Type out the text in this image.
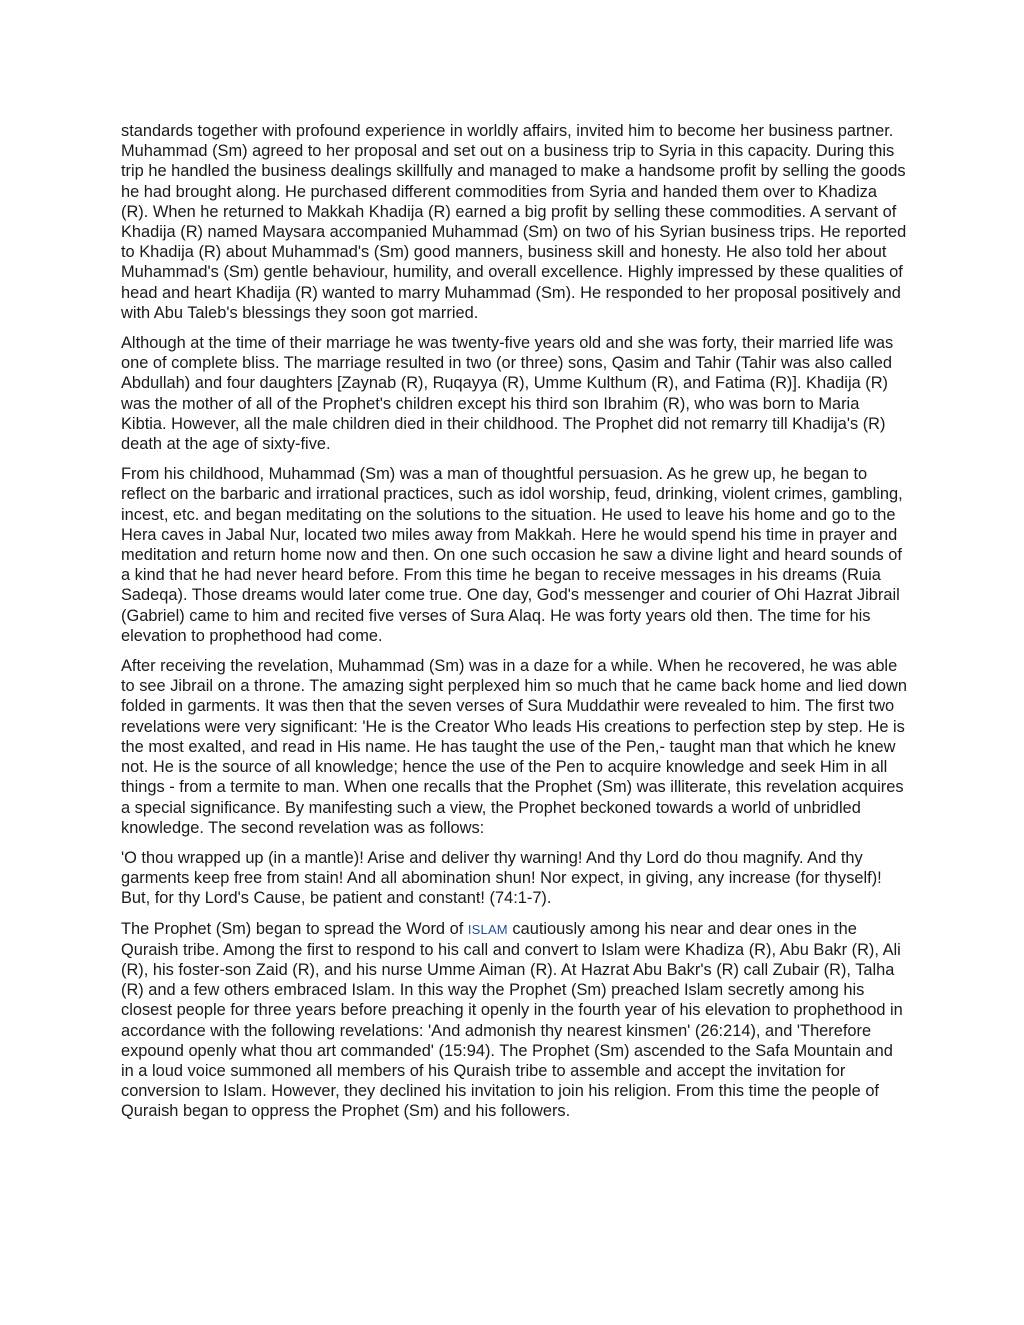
standards together with profound experience in worldly affairs, invited him to become her business partner. Muhammad (Sm) agreed to her proposal and set out on a business trip to Syria in this capacity. During this trip he handled the business dealings skillfully and managed to make a handsome profit by selling the goods he had brought along. He purchased different commodities from Syria and handed them over to Khadiza (R). When he returned to Makkah Khadija (R) earned a big profit by selling these commodities. A servant of Khadija (R) named Maysara accompanied Muhammad (Sm) on two of his Syrian business trips. He reported to Khadija (R) about Muhammad's (Sm) good manners, business skill and honesty. He also told her about Muhammad's (Sm) gentle behaviour, humility, and overall excellence. Highly impressed by these qualities of head and heart Khadija (R) wanted to marry Muhammad (Sm). He responded to her proposal positively and with Abu Taleb's blessings they soon got married.

Although at the time of their marriage he was twenty-five years old and she was forty, their married life was one of complete bliss. The marriage resulted in two (or three) sons, Qasim and Tahir (Tahir was also called Abdullah) and four daughters [Zaynab (R), Ruqayya (R), Umme Kulthum (R), and Fatima (R)]. Khadija (R) was the mother of all of the Prophet's children except his third son Ibrahim (R), who was born to Maria Kibtia. However, all the male children died in their childhood. The Prophet did not remarry till Khadija's (R) death at the age of sixty-five.

From his childhood, Muhammad (Sm) was a man of thoughtful persuasion. As he grew up, he began to reflect on the barbaric and irrational practices, such as idol worship, feud, drinking, violent crimes, gambling, incest, etc. and began meditating on the solutions to the situation. He used to leave his home and go to the Hera caves in Jabal Nur, located two miles away from Makkah. Here he would spend his time in prayer and meditation and return home now and then. On one such occasion he saw a divine light and heard sounds of a kind that he had never heard before. From this time he began to receive messages in his dreams (Ruia Sadeqa). Those dreams would later come true. One day, God's messenger and courier of Ohi Hazrat Jibrail (Gabriel) came to him and recited five verses of Sura Alaq. He was forty years old then. The time for his elevation to prophethood had come.

After receiving the revelation, Muhammad (Sm) was in a daze for a while. When he recovered, he was able to see Jibrail on a throne. The amazing sight perplexed him so much that he came back home and lied down folded in garments. It was then that the seven verses of Sura Muddathir were revealed to him. The first two revelations were very significant: 'He is the Creator Who leads His creations to perfection step by step. He is the most exalted, and read in His name. He has taught the use of the Pen,- taught man that which he knew not. He is the source of all knowledge; hence the use of the Pen to acquire knowledge and seek Him in all things - from a termite to man. When one recalls that the Prophet (Sm) was illiterate, this revelation acquires a special significance. By manifesting such a view, the Prophet beckoned towards a world of unbridled knowledge. The second revelation was as follows:

'O thou wrapped up (in a mantle)! Arise and deliver thy warning! And thy Lord do thou magnify. And thy garments keep free from stain! And all abomination shun! Nor expect, in giving, any increase (for thyself)! But, for thy Lord's Cause, be patient and constant! (74:1-7).

The Prophet (Sm) began to spread the Word of ISLAM cautiously among his near and dear ones in the Quraish tribe. Among the first to respond to his call and convert to Islam were Khadiza (R), Abu Bakr (R), Ali (R), his foster-son Zaid (R), and his nurse Umme Aiman (R). At Hazrat Abu Bakr's (R) call Zubair (R), Talha (R) and a few others embraced Islam. In this way the Prophet (Sm) preached Islam secretly among his closest people for three years before preaching it openly in the fourth year of his elevation to prophethood in accordance with the following revelations: 'And admonish thy nearest kinsmen' (26:214), and 'Therefore expound openly what thou art commanded' (15:94). The Prophet (Sm) ascended to the Safa Mountain and in a loud voice summoned all members of his Quraish tribe to assemble and accept the invitation for conversion to Islam. However, they declined his invitation to join his religion. From this time the people of Quraish began to oppress the Prophet (Sm) and his followers.
